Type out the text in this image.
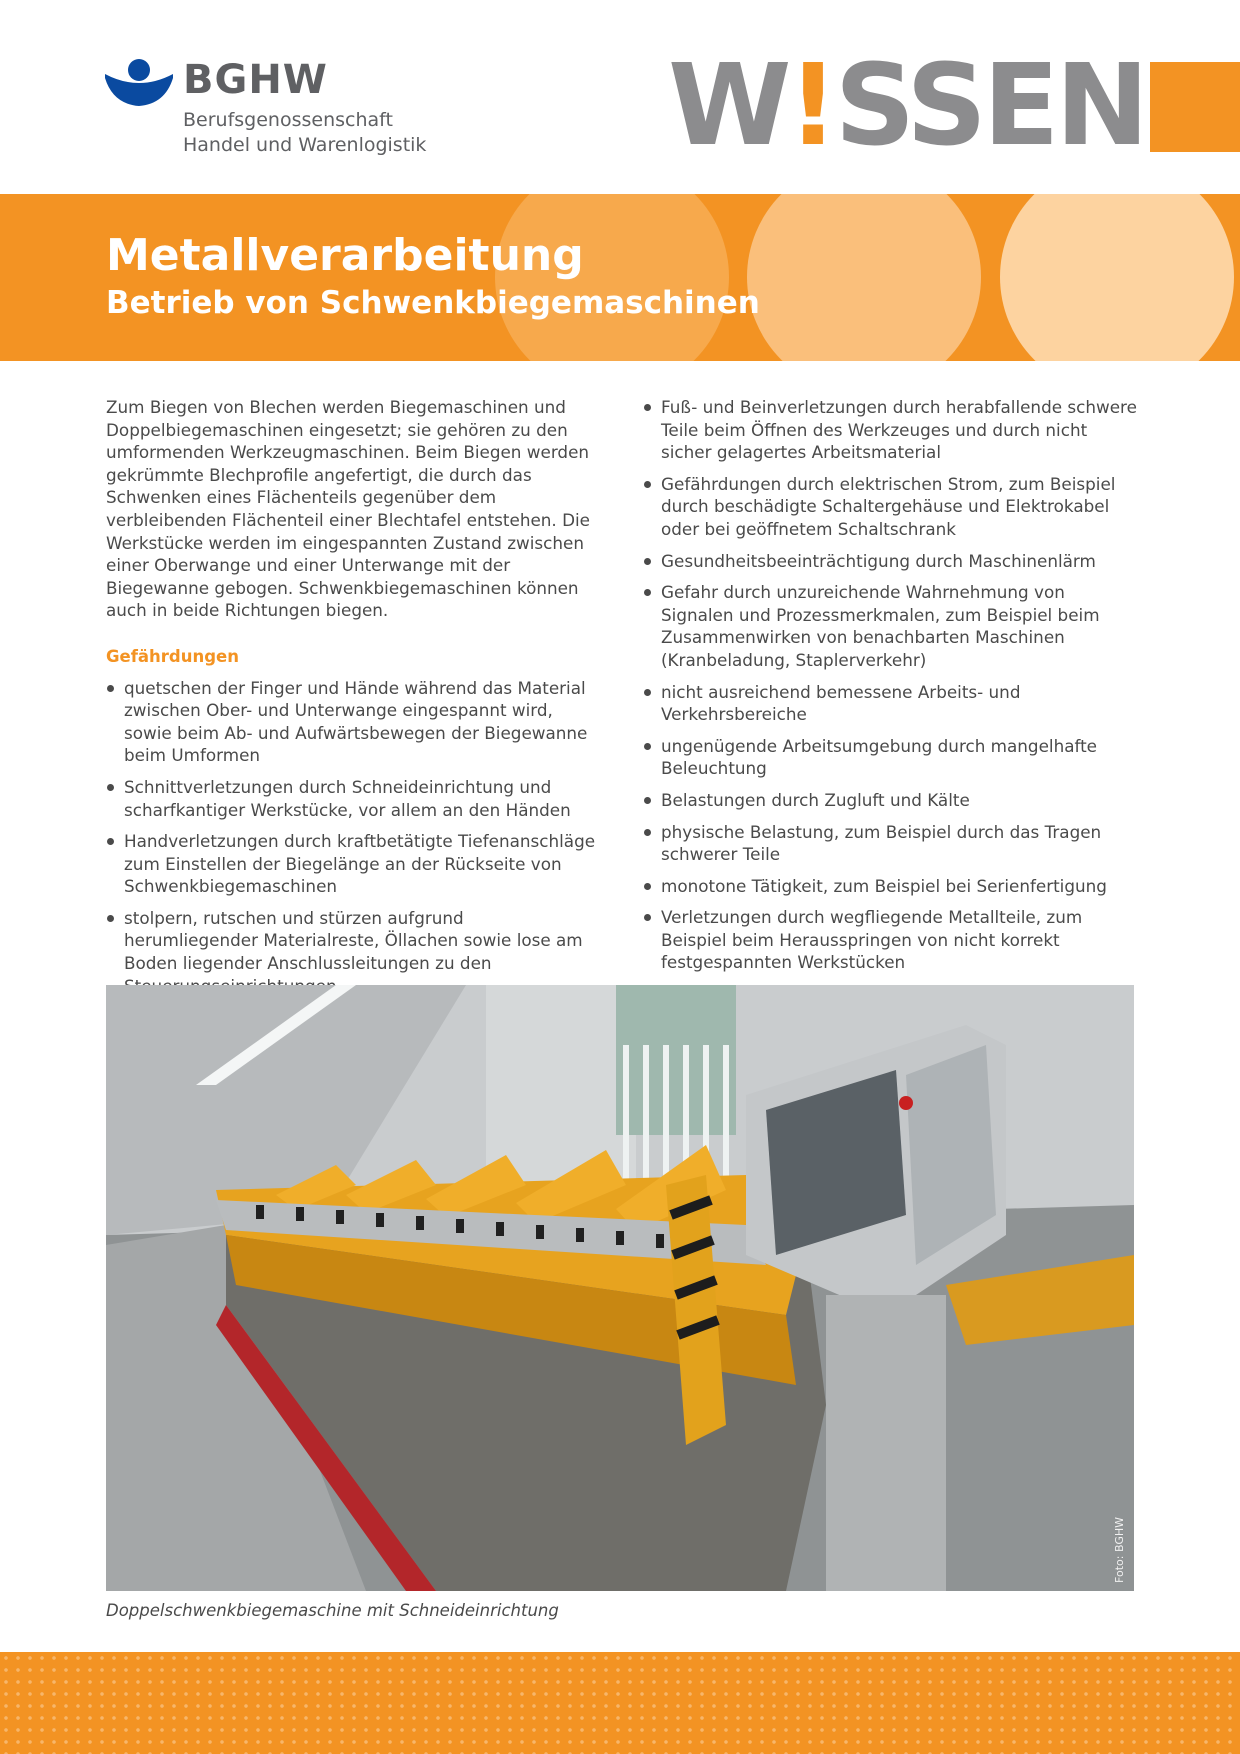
BGHW
Berufsgenossenschaft
Handel und Warenlogistik W!SSEN
Metallverarbeitung
Betrieb von Schwenkbiegemaschinen

Zum Biegen von Blechen werden Biegemaschinen und Doppelbiegemaschinen eingesetzt; sie gehören zu den umformenden Werkzeugmaschinen. Beim Biegen werden gekrümmte Blechprofile angefertigt, die durch das Schwenken eines Flächenteils gegenüber dem verbleibenden Flächenteil einer Blechtafel entstehen. Die Werkstücke werden im eingespannten Zustand zwischen einer Oberwange und einer Unterwange mit der Biegewanne gebogen. Schwenkbiegemaschinen können auch in beide Richtungen biegen.

Gefährdungen
quetschen der Finger und Hände während das Material zwischen Ober- und Unterwange eingespannt wird, sowie beim Ab- und Aufwärtsbewegen der Biegewanne beim Umformen
Schnittverletzungen durch Schneideinrichtung und scharfkantiger Werkstücke, vor allem an den Händen
Handverletzungen durch kraftbetätigte Tiefenanschläge zum Einstellen der Biegelänge an der Rückseite von Schwenkbiegemaschinen
stolpern, rutschen und stürzen aufgrund herumliegender Materialreste, Öllachen sowie lose am Boden liegender Anschlussleitungen zu den
Fuß- und Beinverletzungen durch herabfallende schwere Teile beim Öffnen des Werkzeuges und durch nicht sicher gelagertes Arbeitsmaterial
Gefährdungen durch elektrischen Strom, zum Beispiel durch beschädigte Schaltergehäuse und Elektrokabel oder bei geöffnetem Schaltschrank
Gesundheitsbeeinträchtigung durch Maschinenlärm
Gefahr durch unzureichende Wahrnehmung von Signalen und Prozessmerkmalen, zum Beispiel beim Zusammenwirken von benachbarten Maschinen (Kranbeladung, Staplerverkehr)
nicht ausreichend bemessene Arbeits- und Verkehrsbereiche
ungenügende Arbeitsumgebung durch mangelhafte Beleuchtung
Belastungen durch Zugluft und Kälte
physische Belastung, zum Beispiel durch das Tragen schwerer Teile
monotone Tätigkeit, zum Beispiel bei Serienfertigung
Verletzungen durch wegfliegende Metallteile, zum Beispiel beim Herausspringen von nicht korrekt festgespannten Werkstücken
Foto: BGHW
Doppelschwenkbiegemaschine mit Schneideinrichtung
